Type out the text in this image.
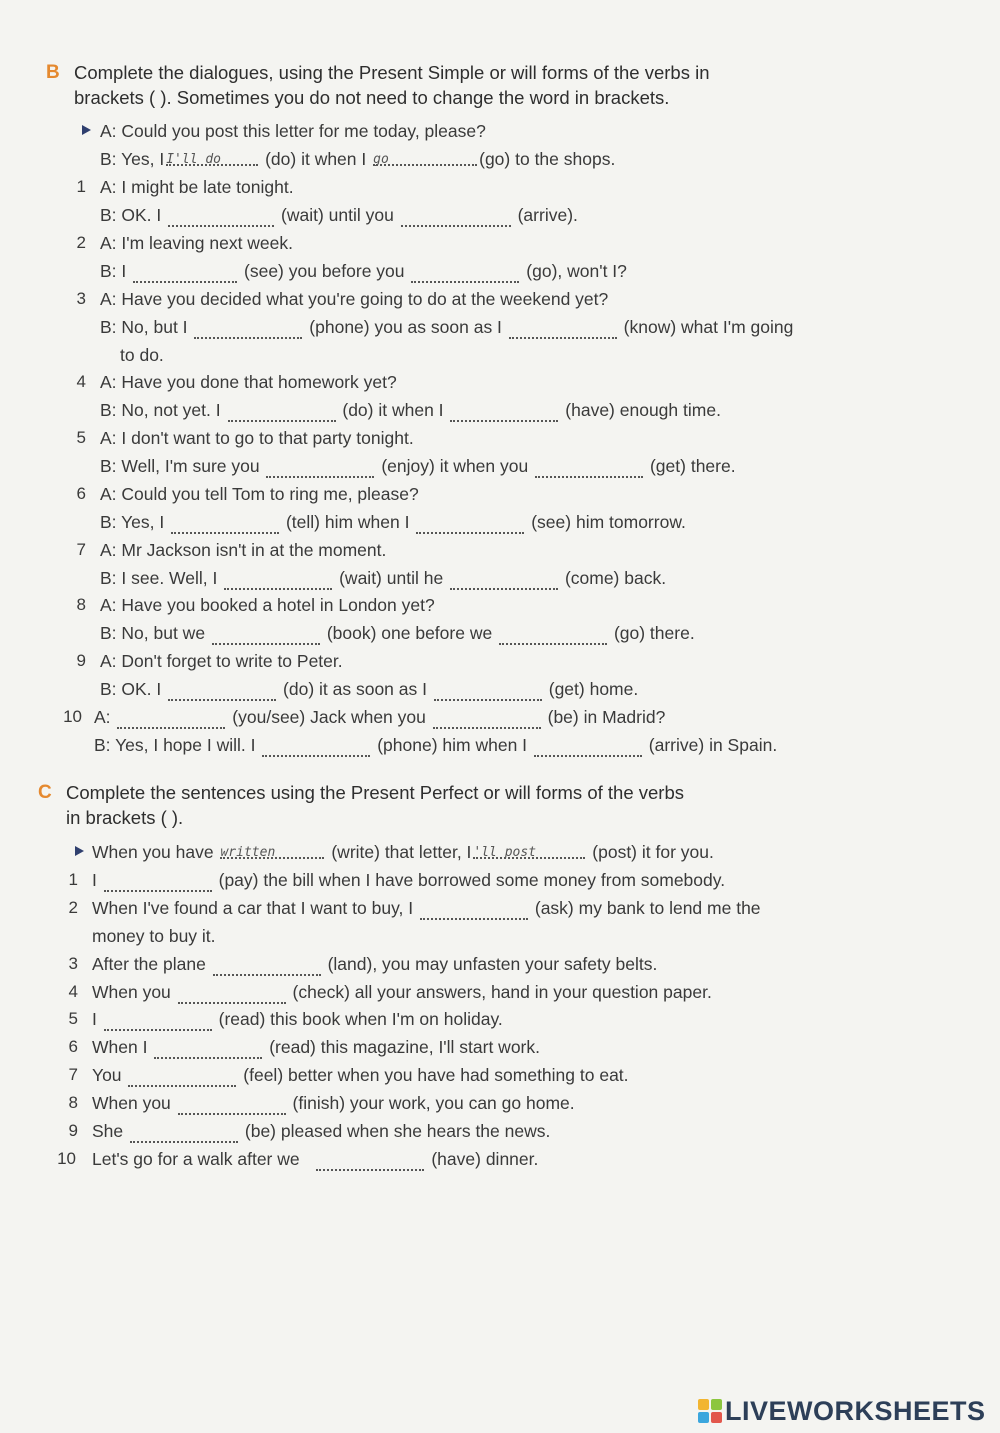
B Complete the dialogues, using the Present Simple or will forms of the verbs in
brackets ( ). Sometimes you do not need to change the word in brackets.
A: Could you post this letter for me today, please?
B: Yes, I I'll do	(do) it when I go	(go) to the shops.
1 A: I might be late tonight.
B: OK. I	(wait) until you	(arrive).
2 A: I'm leaving next week.
B: I	(see) you before you	(go), won't I?
3 A: Have you decided what you're going to do at the weekend yet?
B: No, but I	(phone) you as soon as I	(know) what I'm going
to do.
4 A: Have you done that homework yet?
B: No, not yet. I	(do) it when I	(have) enough time.
5 A: I don't want to go to that party tonight.
B: Well, I'm sure you	(enjoy) it when you	(get) there.
6 A: Could you tell Tom to ring me, please?
B: Yes, I	(tell) him when I	(see) him tomorrow.
7 A: Mr Jackson isn't in at the moment.
B: I see. Well, I	(wait) until he	(come) back.
8 A: Have you booked a hotel in London yet?
B: No, but we	(book) one before we	(go) there.
9 A: Don't forget to write to Peter.
B: OK. I	(do) it as soon as I	(get) home.
10 A:	(you/see) Jack when you	(be) in Madrid?
B: Yes, I hope I will. I	(phone) him when I	(arrive) in Spain.
C Complete the sentences using the Present Perfect or will forms of the verbs
in brackets ( ).
When you have written	(write) that letter, I 'll post	(post) it for you.
1 I	(pay) the bill when I have borrowed some money from somebody.
2 When I've found a car that I want to buy, I	(ask) my bank to lend me the
money to buy it.
3 After the plane	(land), you may unfasten your safety belts.
4 When you	(check) all your answers, hand in your question paper.
5 I	(read) this book when I'm on holiday.
6 When I	(read) this magazine, I'll start work.
7 You	(feel) better when you have had something to eat.
8 When you	(finish) your work, you can go home.
9 She	(be) pleased when she hears the news.
10 Let's go for a walk after we	(have) dinner.
LIVEWORKSHEETS
